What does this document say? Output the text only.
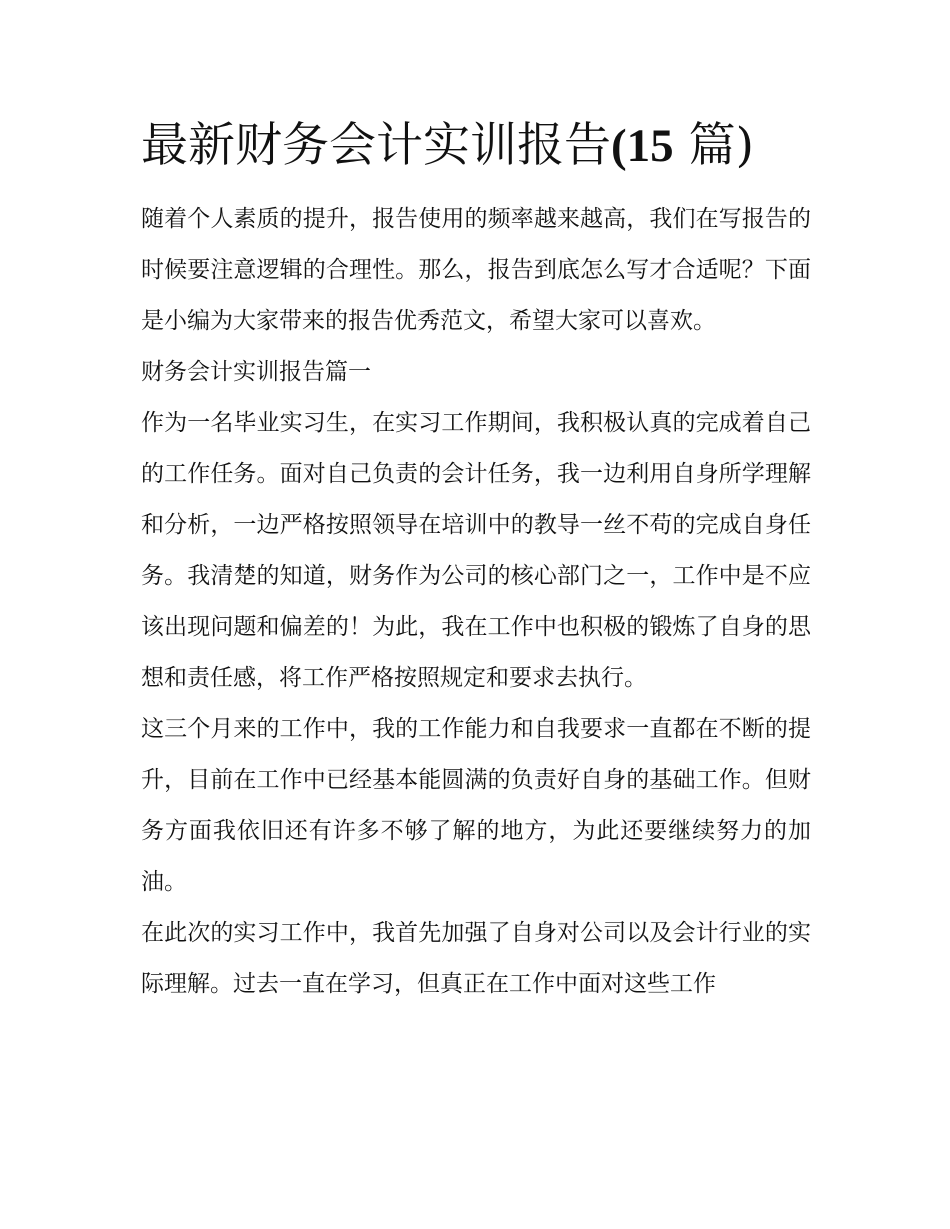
最新财务会计实训报告(15 篇)

随着个人素质的提升，报告使用的频率越来越高，我们在写报告的时候要注意逻辑的合理性。那么，报告到底怎么写才合适呢？下面是小编为大家带来的报告优秀范文，希望大家可以喜欢。

财务会计实训报告篇一

作为一名毕业实习生，在实习工作期间，我积极认真的完成着自己的工作任务。面对自己负责的会计任务，我一边利用自身所学理解和分析，一边严格按照领导在培训中的教导一丝不苟的完成自身任务。我清楚的知道，财务作为公司的核心部门之一，工作中是不应该出现问题和偏差的！为此，我在工作中也积极的锻炼了自身的思想和责任感，将工作严格按照规定和要求去执行。

这三个月来的工作中，我的工作能力和自我要求一直都在不断的提升，目前在工作中已经基本能圆满的负责好自身的基础工作。但财务方面我依旧还有许多不够了解的地方，为此还要继续努力的加油。

在此次的实习工作中，我首先加强了自身对公司以及会计行业的实际理解。过去一直在学习，但真正在工作中面对这些工作
